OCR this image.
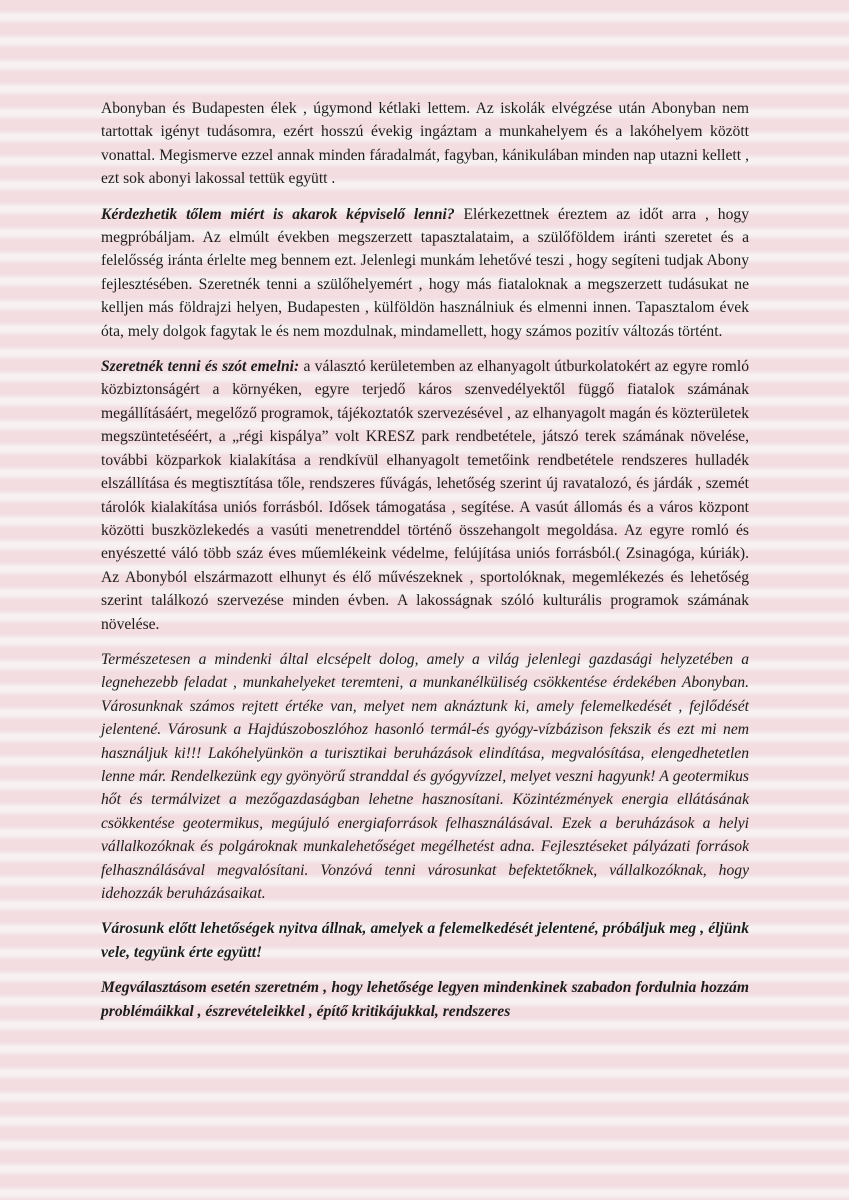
Abonyban és Budapesten élek , úgymond kétlaki lettem. Az iskolák elvégzése után Abonyban nem tartottak igényt tudásomra, ezért hosszú évekig ingáztam a munkahelyem és a lakóhelyem között vonattal. Megismerve ezzel annak minden fáradalmát, fagyban, kánikulában minden nap utazni kellett , ezt sok abonyi lakossal tettük együtt .

Kérdezhetik tőlem miért is akarok képviselő lenni? Elérkezettnek éreztem az időt arra , hogy megpróbáljam. Az elmúlt években megszerzett tapasztalataim, a szülőföldem iránti szeretet és a felelősség iránta érlelte meg bennem ezt. Jelenlegi munkám lehetővé teszi , hogy segíteni tudjak Abony fejlesztésében. Szeretnék tenni a szülőhelyemért , hogy más fiataloknak a megszerzett tudásukat ne kelljen más földrajzi helyen, Budapesten , külföldön használniuk és elmenni innen. Tapasztalom évek óta, mely dolgok fagytak le és nem mozdulnak, mindamellett, hogy számos pozitív változás történt.

Szeretnék tenni és szót emelni: a választó kerületemben az elhanyagolt útburkolatokért az egyre romló közbiztonságért a környéken, egyre terjedő káros szenvedélyektől függő fiatalok számának megállításáért, megelőző programok, tájékoztatók szervezésével , az elhanyagolt magán és közterületek megszüntetéséért, a „régi kispálya” volt KRESZ park rendbetétele, játszó terek számának növelése, további közparkok kialakítása a rendkívül elhanyagolt temetőink rendbetétele rendszeres hulladék elszállítása és megtisztítása tőle, rendszeres fűvágás, lehetőség szerint új ravatalozó, és járdák , szemét tárolók kialakítása uniós forrásból. Idősek támogatása , segítése. A vasút állomás és a város központ közötti buszközlekedés a vasúti menetrenddel történő összehangolt megoldása. Az egyre romló és enyészetté váló több száz éves műemlékeink védelme, felújítása uniós forrásból.( Zsinagóga, kúriák). Az Abonyból elszármazott elhunyt és élő művészeknek , sportolóknak, megemlékezés és lehetőség szerint találkozó szervezése minden évben. A lakosságnak szóló kulturális programok számának növelése.

Természetesen a mindenki által elcsépelt dolog, amely a világ jelenlegi gazdasági helyzetében a legnehezebb feladat , munkahelyeket teremteni, a munkanélküliség csökkentése érdekében Abonyban. Városunknak számos rejtett értéke van, melyet nem aknáztunk ki, amely felemelkedését , fejlődését jelentené. Városunk a Hajdúszoboszlóhoz hasonló termál-és gyógy-vízbázison fekszik és ezt mi nem használjuk ki!!! Lakóhelyünkön a turisztikai beruházások elindítása, megvalósítása, elengedhetetlen lenne már. Rendelkezünk egy gyönyörű stranddal és gyógyvízzel, melyet veszni hagyunk! A geotermikus hőt és termálvizet a mezőgazdaságban lehetne hasznosítani. Közintézmények energia ellátásának csökkentése geotermikus, megújuló energiaforrások felhasználásával. Ezek a beruházások a helyi vállalkozóknak és polgároknak munkalehetőséget megélhetést adna. Fejlesztéseket pályázati források felhasználásával megvalósítani. Vonzóvá tenni városunkat befektetőknek, vállalkozóknak, hogy idehozzák beruházásaikat.

Városunk előtt lehetőségek nyitva állnak, amelyek a felemelkedését jelentené, próbáljuk meg , éljünk vele, tegyünk érte együtt!

Megválasztásom esetén szeretném , hogy lehetősége legyen mindenkinek szabadon fordulnia hozzám problémáikkal , észrevételeikkel , építő kritikájukkal, rendszeres
